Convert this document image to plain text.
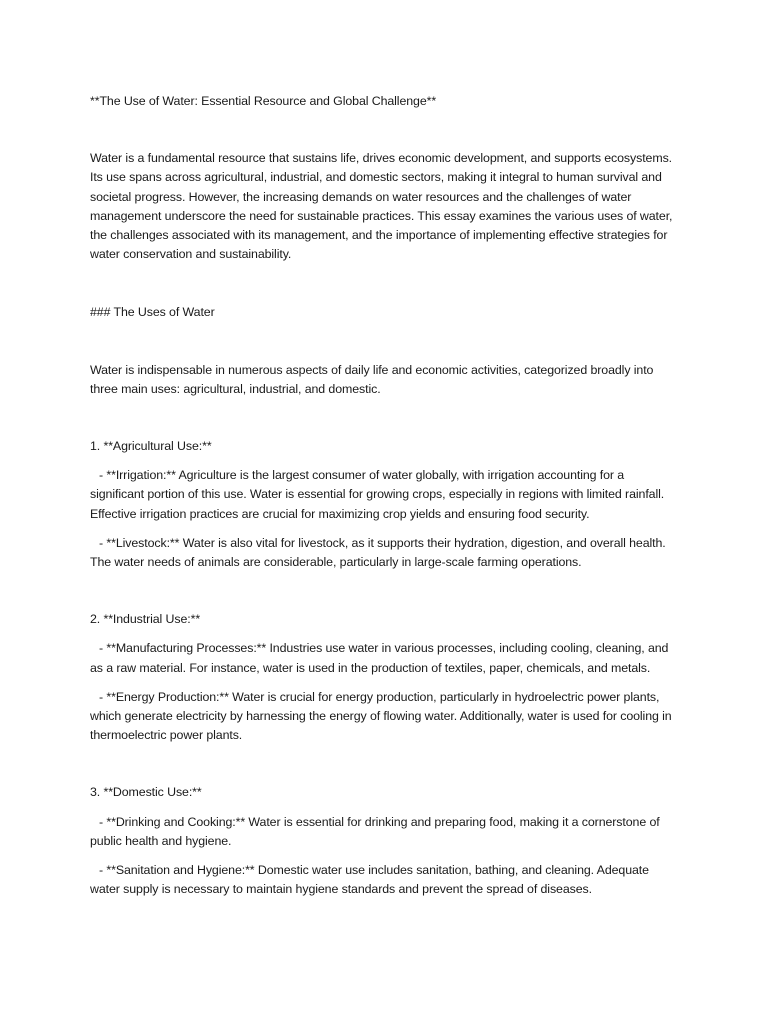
**The Use of Water: Essential Resource and Global Challenge**

Water is a fundamental resource that sustains life, drives economic development, and supports ecosystems. Its use spans across agricultural, industrial, and domestic sectors, making it integral to human survival and societal progress. However, the increasing demands on water resources and the challenges of water management underscore the need for sustainable practices. This essay examines the various uses of water, the challenges associated with its management, and the importance of implementing effective strategies for water conservation and sustainability.

### The Uses of Water

Water is indispensable in numerous aspects of daily life and economic activities, categorized broadly into three main uses: agricultural, industrial, and domestic.

1. **Agricultural Use:**

- **Irrigation:** Agriculture is the largest consumer of water globally, with irrigation accounting for a significant portion of this use. Water is essential for growing crops, especially in regions with limited rainfall. Effective irrigation practices are crucial for maximizing crop yields and ensuring food security.

- **Livestock:** Water is also vital for livestock, as it supports their hydration, digestion, and overall health. The water needs of animals are considerable, particularly in large-scale farming operations.

2. **Industrial Use:**

- **Manufacturing Processes:** Industries use water in various processes, including cooling, cleaning, and as a raw material. For instance, water is used in the production of textiles, paper, chemicals, and metals.

- **Energy Production:** Water is crucial for energy production, particularly in hydroelectric power plants, which generate electricity by harnessing the energy of flowing water. Additionally, water is used for cooling in thermoelectric power plants.

3. **Domestic Use:**

- **Drinking and Cooking:** Water is essential for drinking and preparing food, making it a cornerstone of public health and hygiene.

- **Sanitation and Hygiene:** Domestic water use includes sanitation, bathing, and cleaning. Adequate water supply is necessary to maintain hygiene standards and prevent the spread of diseases.
